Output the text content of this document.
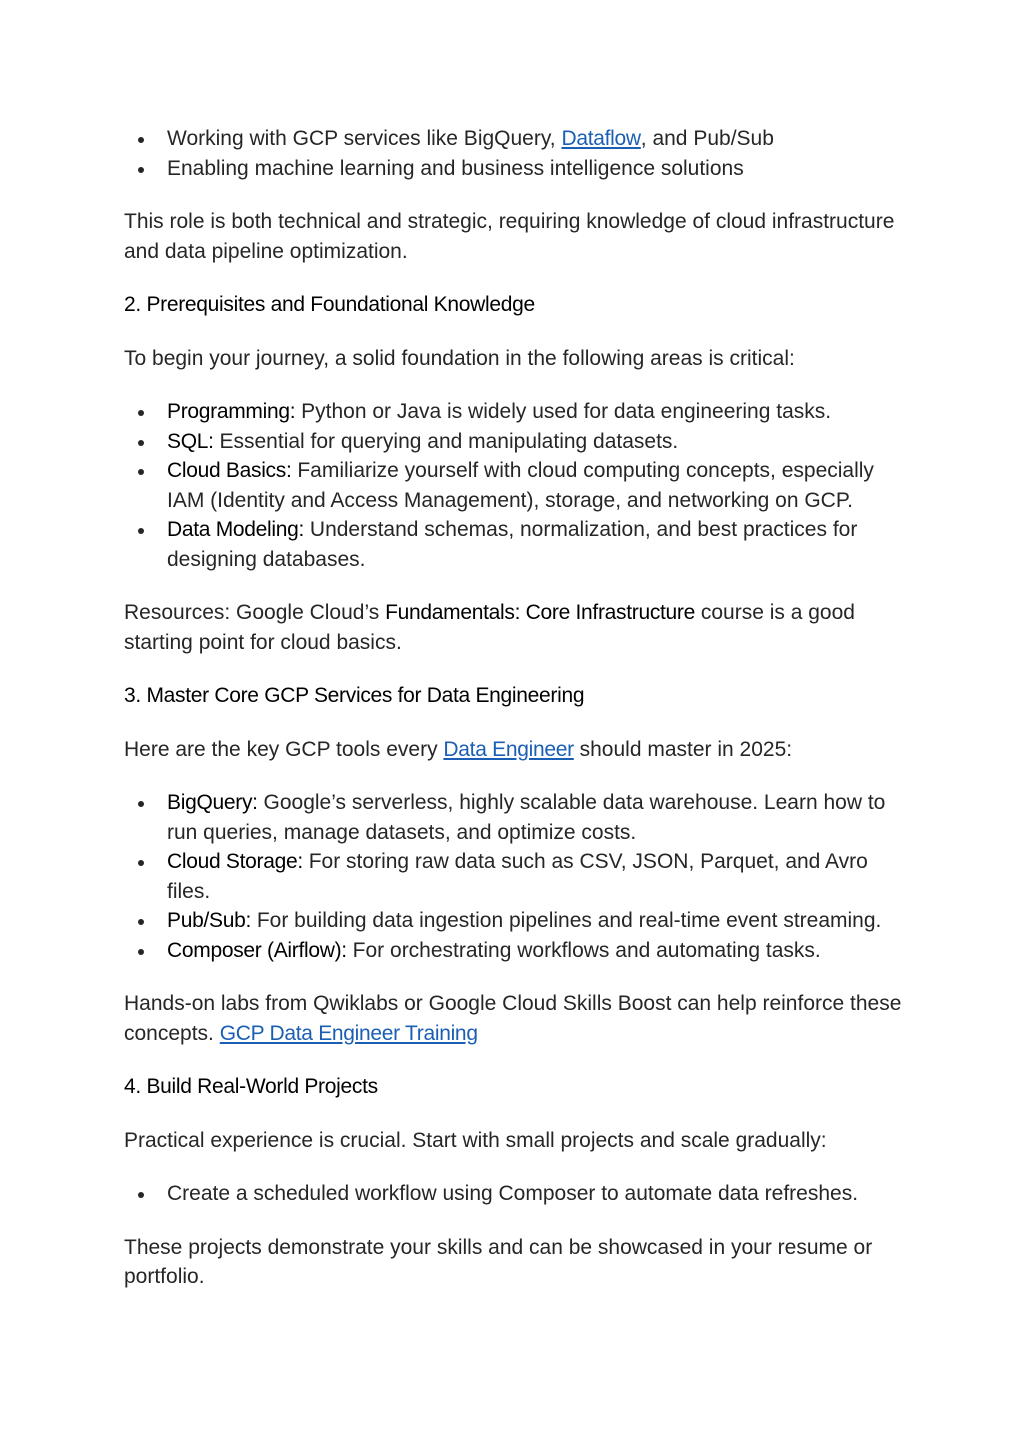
Working with GCP services like BigQuery, Dataflow, and Pub/Sub
Enabling machine learning and business intelligence solutions

This role is both technical and strategic, requiring knowledge of cloud infrastructure and data pipeline optimization.

2. Prerequisites and Foundational Knowledge

To begin your journey, a solid foundation in the following areas is critical:

Programming: Python or Java is widely used for data engineering tasks.
SQL: Essential for querying and manipulating datasets.
Cloud Basics: Familiarize yourself with cloud computing concepts, especially IAM (Identity and Access Management), storage, and networking on GCP.
Data Modeling: Understand schemas, normalization, and best practices for designing databases.

Resources: Google Cloud’s Fundamentals: Core Infrastructure course is a good starting point for cloud basics.

3. Master Core GCP Services for Data Engineering

Here are the key GCP tools every Data Engineer should master in 2025:

BigQuery: Google’s serverless, highly scalable data warehouse. Learn how to run queries, manage datasets, and optimize costs.
Cloud Storage: For storing raw data such as CSV, JSON, Parquet, and Avro files.
Pub/Sub: For building data ingestion pipelines and real-time event streaming.
Composer (Airflow): For orchestrating workflows and automating tasks.

Hands-on labs from Qwiklabs or Google Cloud Skills Boost can help reinforce these concepts. GCP Data Engineer Training

4. Build Real-World Projects

Practical experience is crucial. Start with small projects and scale gradually:

Create a scheduled workflow using Composer to automate data refreshes.

These projects demonstrate your skills and can be showcased in your resume or portfolio.
